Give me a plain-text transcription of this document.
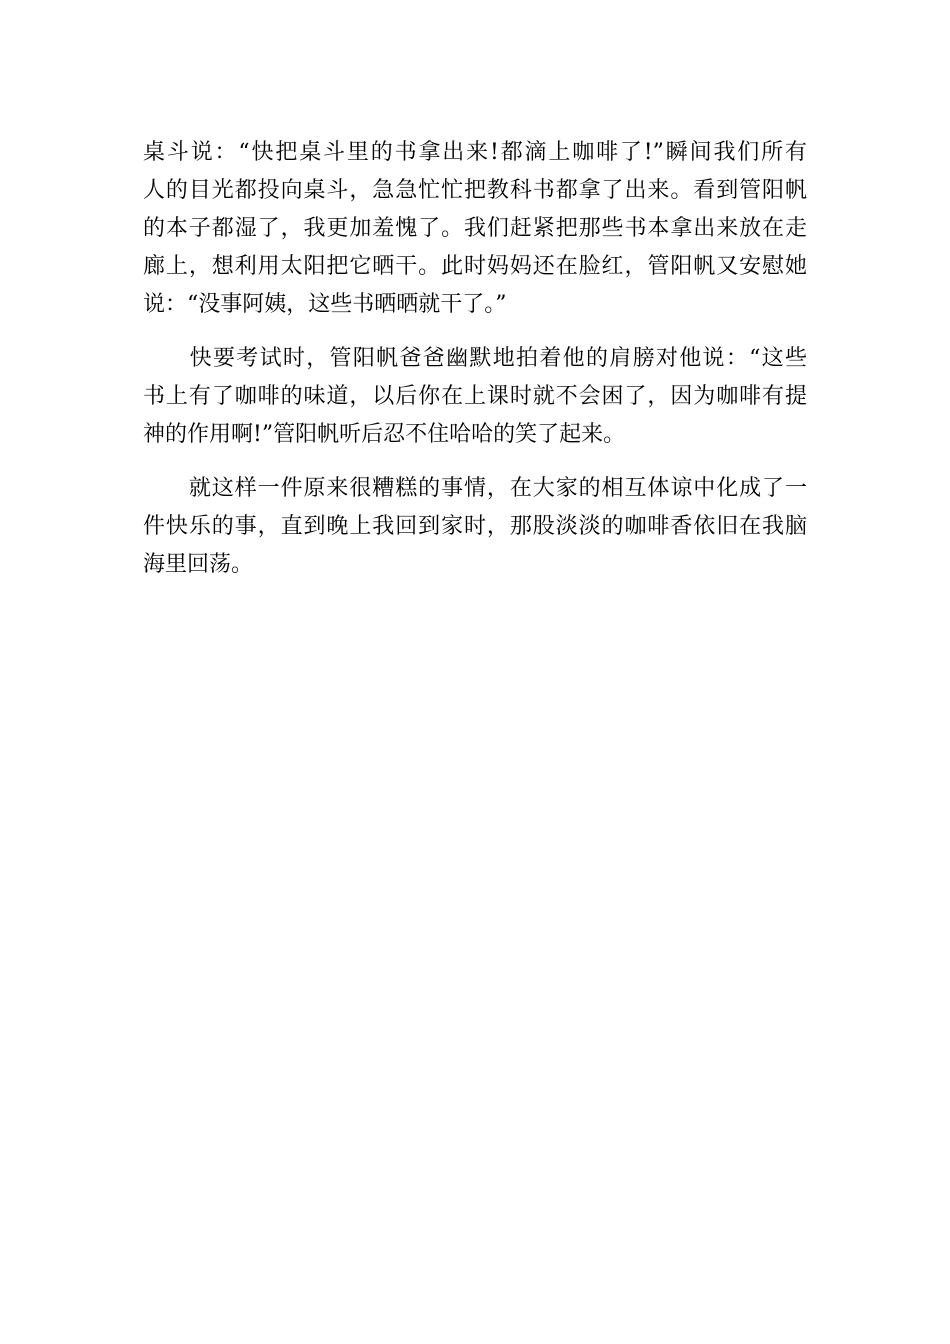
桌斗说：“快把桌斗里的书拿出来!都滴上咖啡了!”瞬间我们所有
人的目光都投向桌斗，急急忙忙把教科书都拿了出来。看到管阳帆
的本子都湿了，我更加羞愧了。我们赶紧把那些书本拿出来放在走
廊上，想利用太阳把它晒干。此时妈妈还在脸红，管阳帆又安慰她
说：“没事阿姨，这些书晒晒就干了。”
　　快要考试时，管阳帆爸爸幽默地拍着他的肩膀对他说：“这些
书上有了咖啡的味道，以后你在上课时就不会困了，因为咖啡有提
神的作用啊!”管阳帆听后忍不住哈哈的笑了起来。
　　就这样一件原来很糟糕的事情，在大家的相互体谅中化成了一
件快乐的事，直到晚上我回到家时，那股淡淡的咖啡香依旧在我脑
海里回荡。
